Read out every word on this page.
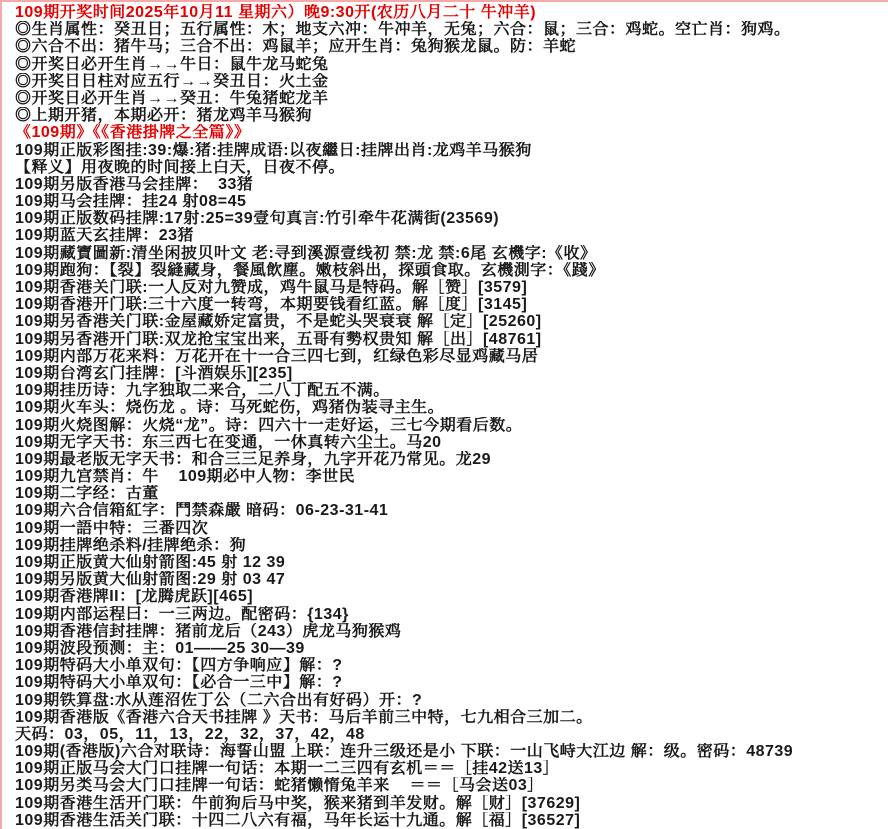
109期开奖时间2025年10月11 星期六）晚9:30开(农历八月二十 牛冲羊)
◎生肖属性：癸丑日；五行属性：木；地支六冲：牛冲羊，无兔；六合：鼠；三合：鸡蛇。空亡肖：狗鸡。
◎六合不出：猪牛马；三合不出：鸡鼠羊；应开生肖：兔狗猴龙鼠。防：羊蛇
◎开奖日必开生肖→→牛日：鼠牛龙马蛇兔
◎开奖日日柱对应五行→→癸丑日：火土金
◎开奖日必开生肖→→癸丑：牛兔猪蛇龙羊
◎上期开猪，本期必开：猪龙鸡羊马猴狗
《109期》《《香港掛牌之全篇》》
109期正版彩图挂:39:爆:猪:挂牌成语:以夜繼日:挂牌出肖:龙鸡羊马猴狗
【释义】用夜晚的时间接上白天，日夜不停。
109期另版香港马会挂牌：  33猪
109期马会挂牌：挂24 射08=45
109期正版数码挂牌:17射:25=39壹句真言:竹引牵牛花满街(23569)
109期蓝天玄挂牌：23猪
109期藏寶圖新:清坐闲披贝叶文 老:寻到溪源壹线初 禁:龙 禁:6尾 玄機字:《收》
109期跑狗：【裂】裂縫藏身，餐風飲塵。嫩枝斜出，探頭食取。玄機測字：《踐》
109期香港关门联:一人反对九赞成，鸡牛鼠马是特码。解［赞］[3579]
109期香港开门联:三十六度一转弯，本期要钱看红蓝。解［度］[3145]
109期另香港关门联:金屋藏娇定富贵，不是蛇头哭衰衰 解［定］[25260]
109期另香港开门联:双龙抢宝宝出来，五哥有勢权贵知 解［出］[48761]
109期内部万花来料：万花开在十一合三四七到，红绿色彩尽显鸡藏马居
109期台湾玄门挂牌：[斗酒娱乐][235]
109期挂历诗：九字独取二来合，二八丁配五不满。
109期火车头：烧伤龙 。诗：马死蛇伤，鸡猪伪装寻主生。
109期火烧图解：火烧“龙”。诗：四六十一走好运，三七今期看后数。
109期无字天书：东三西七在变通，一休真转六尘土。马20
109期最老版无字天书：和合三三足养身，九字开花乃常见。龙29
109期九宫禁肖：牛    109期必中人物：李世民
109期二字经：古董
109期六合信箱紅字：鬥禁森嚴 暗码：06-23-31-41
109期一語中特：三番四次
109期挂牌绝杀料/挂牌绝杀：狗
109期正版黄大仙射箭图:45 射 12 39
109期另版黄大仙射箭图:29 射 03 47
109期香港牌II：[龙腾虎跃][465]
109期内部运程曰：一三两边。配密码：{134}
109期香港信封挂牌：猪前龙后（243）虎龙马狗猴鸡
109期波段预测：主：01——25 30—39
109期特码大小单双句：【四方争响应】解：?
109期特码大小单双句：【必合一三中】解：?
109期铁算盘:水从莲沼佐丁公（二六合出有好码）开：?
109期香港版《香港六合天书挂牌 》天书：马后羊前三中特，七九相合三加二。
天码：03，05，11，13，22，32，37，42，48
109期(香港版)六合对联诗：海誓山盟 上联：连升三级还是小 下联：一山飞峙大江边 解：级。密码：48739
109期正版马会大门口挂牌一句话：本期一二三四有玄机＝＝［挂42送13］
109期另类马会大门口挂牌一句话：蛇猪懒惰兔羊来    ＝＝［马会送03］
109期香港生活开门联：牛前狗后马中奖，猴来猪到羊发财。解［财］[37629]
109期香港生活关门联：十四二八六有福，马年长运十九通。解［福］[36527]
